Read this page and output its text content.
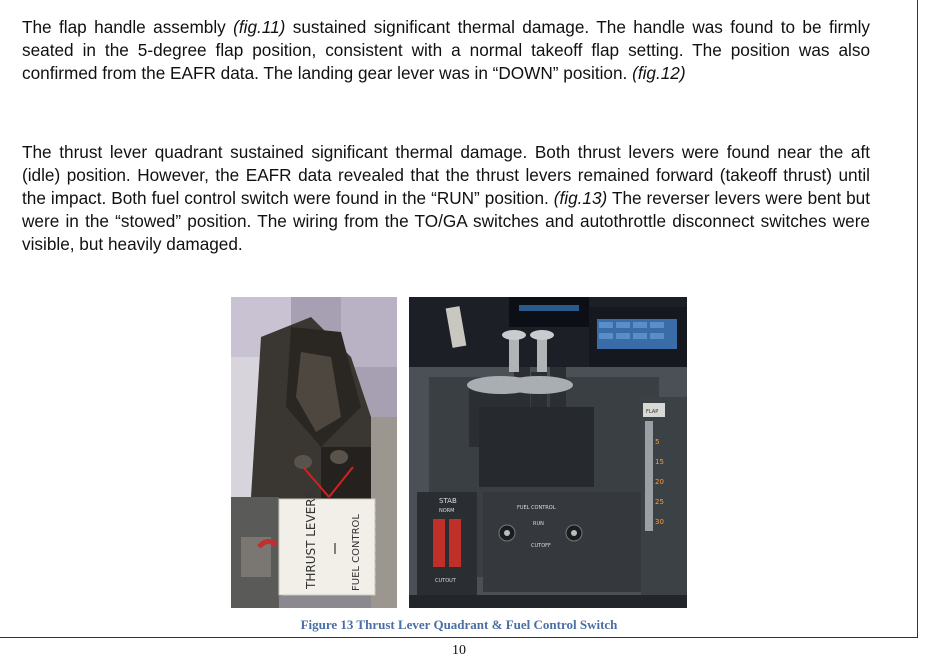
The flap handle assembly (fig.11) sustained significant thermal damage. The handle was found to be firmly seated in the 5-degree flap position, consistent with a normal takeoff flap setting. The position was also confirmed from the EAFR data. The landing gear lever was in “DOWN” position. (fig.12)

The thrust lever quadrant sustained significant thermal damage. Both thrust levers were found near the aft (idle) position. However, the EAFR data revealed that the thrust levers remained forward (takeoff thrust) until the impact. Both fuel control switch were found in the “RUN” position. (fig.13) The reverser levers were bent but were in the “stowed” position. The wiring from the TO/GA switches and autothrottle disconnect switches were visible, but heavily damaged.

THRUST LEVERS	FUEL CONTROL
STAB
NORM
CUTOUT
FUEL CONTROL
RUN
CUTOFF
FLAP
5
15
20
25
30
Figure 13 Thrust Lever Quadrant & Fuel Control Switch
10
